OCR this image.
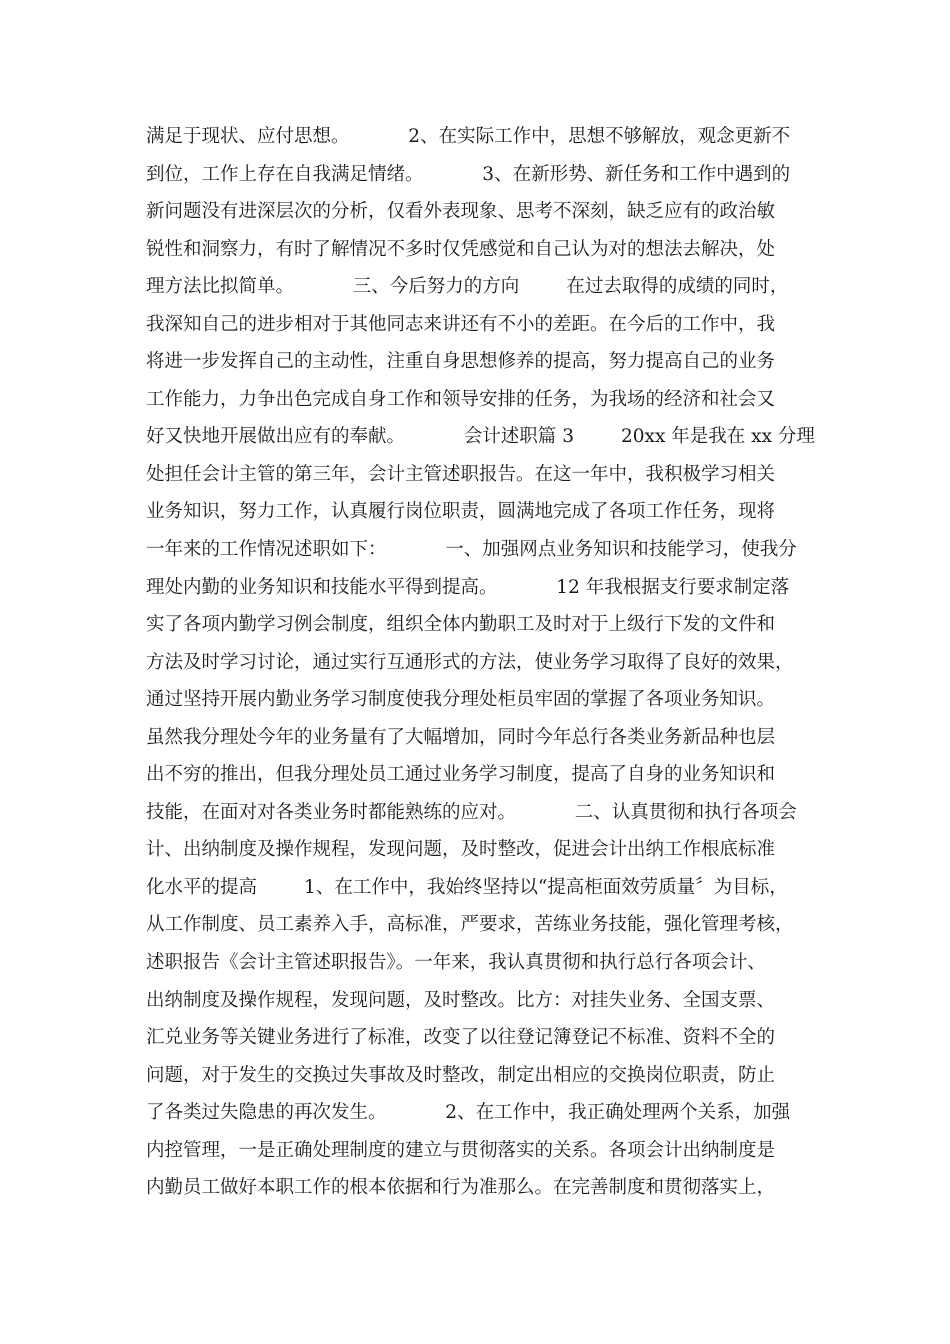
满足于现状、应付思想。          2、在实际工作中，思想不够解放，观念更新不
到位，工作上存在自我满足情绪。          3、在新形势、新任务和工作中遇到的
新问题没有进深层次的分析，仅看外表现象、思考不深刻，缺乏应有的政治敏
锐性和洞察力，有时了解情况不多时仅凭感觉和自己认为对的想法去解决，处
理方法比拟简单。          三、今后努力的方向        在过去取得的成绩的同时，
我深知自己的进步相对于其他同志来讲还有不小的差距。在今后的工作中，我
将进一步发挥自己的主动性，注重自身思想修养的提高，努力提高自己的业务
工作能力，力争出色完成自身工作和领导安排的任务，为我场的经济和社会又
好又快地开展做出应有的奉献。          会计述职篇 3        20xx 年是我在 xx 分理
处担任会计主管的第三年，会计主管述职报告。在这一年中，我积极学习相关
业务知识，努力工作，认真履行岗位职责，圆满地完成了各项工作任务，现将
一年来的工作情况述职如下：          一、加强网点业务知识和技能学习，使我分
理处内勤的业务知识和技能水平得到提高。          12 年我根据支行要求制定落
实了各项内勤学习例会制度，组织全体内勤职工及时对于上级行下发的文件和
方法及时学习讨论，通过实行互通形式的方法，使业务学习取得了良好的效果，
通过坚持开展内勤业务学习制度使我分理处柜员牢固的掌握了各项业务知识。
虽然我分理处今年的业务量有了大幅增加，同时今年总行各类业务新品种也层
出不穷的推出，但我分理处员工通过业务学习制度，提高了自身的业务知识和
技能，在面对对各类业务时都能熟练的应对。          二、认真贯彻和执行各项会
计、出纳制度及操作规程，发现问题，及时整改，促进会计出纳工作根底标准
化水平的提高        1、在工作中，我始终坚持以“提高柜面效劳质量〞为目标，
从工作制度、员工素养入手，高标准，严要求，苦练业务技能，强化管理考核，
述职报告《会计主管述职报告》。一年来，我认真贯彻和执行总行各项会计、
出纳制度及操作规程，发现问题，及时整改。比方：对挂失业务、全国支票、
汇兑业务等关键业务进行了标准，改变了以往登记簿登记不标准、资料不全的
问题，对于发生的交换过失事故及时整改，制定出相应的交换岗位职责，防止
了各类过失隐患的再次发生。          2、在工作中，我正确处理两个关系，加强
内控管理，一是正确处理制度的建立与贯彻落实的关系。各项会计出纳制度是
内勤员工做好本职工作的根本依据和行为准那么。在完善制度和贯彻落实上，
